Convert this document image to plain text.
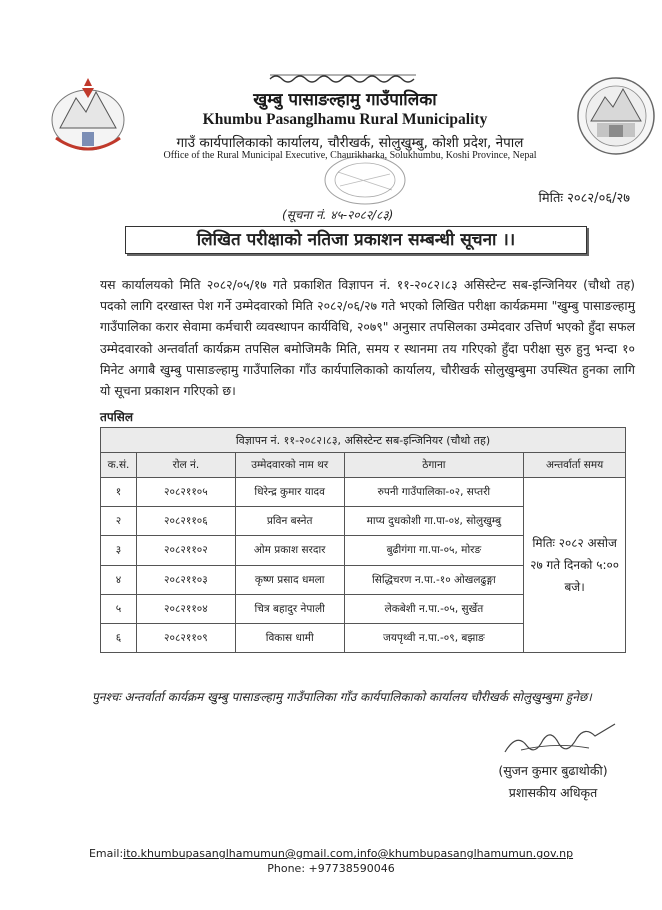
खुम्बु पासाङल्हामु गाउँपालिका
Khumbu Pasanglhamu Rural Municipality
गाउँ कार्यपालिकाको कार्यालय, चौरीखर्क, सोलुखुम्बु, कोशी प्रदेश, नेपाल
Office of the Rural Municipal Executive, Chaurikharka, Solukhumbu, Koshi Province, Nepal
मितिः २०८२/०६/२७
(सूचना नं. ४५-२०८२/८३)
लिखित परीक्षाको नतिजा प्रकाशन सम्बन्धी सूचना ।।
यस कार्यालयको मिति २०८२/०५/१७ गते प्रकाशित विज्ञापन नं. ११-२०८२।८३ असिस्टेन्ट सब-इन्जिनियर (चौथो तह) पदको लागि दरखास्त पेश गर्ने उम्मेदवारको मिति २०८२/०६/२७ गते भएको लिखित परीक्षा कार्यक्रममा "खुम्बु पासाङल्हामु गाउँपालिका करार सेवामा कर्मचारी व्यवस्थापन कार्यविधि, २०७९" अनुसार तपसिलका उम्मेदवार उत्तिर्ण भएको हुँदा सफल उम्मेदवारको अन्तर्वार्ता कार्यक्रम तपसिल बमोजिमकै मिति, समय र स्थानमा तय गरिएको हुँदा परीक्षा सुरु हुनु भन्दा १० मिनेट अगाबै खुम्बु पासाङल्हामु गाउँपालिका गाँउ कार्यपालिकाको कार्यालय, चौरीखर्क सोलुखुम्बुमा उपस्थित हुनका लागि यो सूचना प्रकाशन गरिएको छ।
तपसिल
विज्ञापन नं. ११-२०८२।८३, असिस्टेन्ट सब-इन्जिनियर (चौथो तह)				
क.सं.	रोल नं.	उम्मेदवारको नाम थर	ठेगाना	अन्तर्वार्ता समय
१	२०८२११०५	धिरेन्द्र कुमार यादव	रुपनी गाउँपालिका-०२, सप्तरी	मितिः २०८२ असोज २७ गते दिनको ५:०० बजे।
२	२०८२११०६	प्रविन बस्नेत	माप्य दुधकोशी गा.पा-०४, सोलुखुम्बु	
३	२०८२११०२	ओम प्रकाश सरदार	बुढीगंगा गा.पा-०५, मोरङ	
४	२०८२११०३	कृष्ण प्रसाद धमला	सिद्धिचरण न.पा.-१० ओखलढुङ्गा	
५	२०८२११०४	चित्र बहादुर नेपाली	लेकबेशी न.पा.-०५, सुर्खेत	
६	२०८२११०९	विकास धामी	जयपृथ्वी न.पा.-०९, बझाङ	
पुनश्चः अन्तर्वार्ता कार्यक्रम खुम्बु पासाङल्हामु गाउँपालिका गाँउ कार्यपालिकाको कार्यालय चौरीखर्क सोलुखुम्बुमा हुनेछ।
(सुजन कुमार बुढाथोकी)
प्रशासकीय अधिकृत
Email:ito.khumbupasanglhamumun@gmail.com,info@khumbupasanglhamumun.gov.np
Phone: +97738590046
